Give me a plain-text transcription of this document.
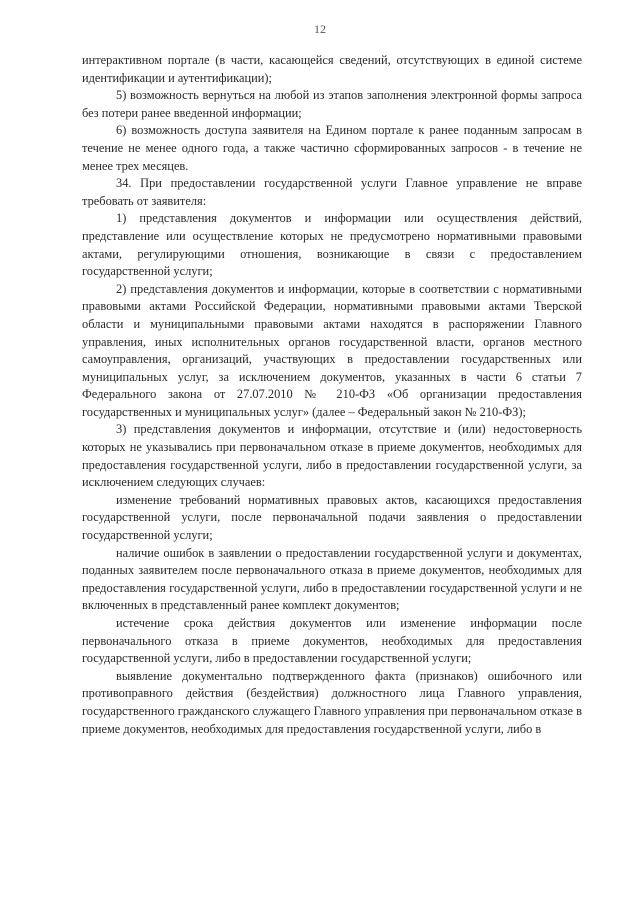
12

интерактивном портале (в части, касающейся сведений, отсутствующих в единой системе идентификации и аутентификации);

5) возможность вернуться на любой из этапов заполнения электронной формы запроса без потери ранее введенной информации;

6) возможность доступа заявителя на Едином портале к ранее поданным запросам в течение не менее одного года, а также частично сформированных запросов - в течение не менее трех месяцев.

34. При предоставлении государственной услуги Главное управление не вправе требовать от заявителя:

1) представления документов и информации или осуществления действий, представление или осуществление которых не предусмотрено нормативными правовыми актами, регулирующими отношения, возникающие в связи с предоставлением государственной услуги;

2) представления документов и информации, которые в соответствии с нормативными правовыми актами Российской Федерации, нормативными правовыми актами Тверской области и муниципальными правовыми актами находятся в распоряжении Главного управления, иных исполнительных органов государственной власти, органов местного самоуправления, организаций, участвующих в предоставлении государственных или муниципальных услуг, за исключением документов, указанных в части 6 статьи 7 Федерального закона от 27.07.2010 № 210-ФЗ «Об организации предоставления государственных и муниципальных услуг» (далее – Федеральный закон № 210-ФЗ);

3) представления документов и информации, отсутствие и (или) недостоверность которых не указывались при первоначальном отказе в приеме документов, необходимых для предоставления государственной услуги, либо в предоставлении государственной услуги, за исключением следующих случаев:

изменение требований нормативных правовых актов, касающихся предоставления государственной услуги, после первоначальной подачи заявления о предоставлении государственной услуги;

наличие ошибок в заявлении о предоставлении государственной услуги и документах, поданных заявителем после первоначального отказа в приеме документов, необходимых для предоставления государственной услуги, либо в предоставлении государственной услуги и не включенных в представленный ранее комплект документов;

истечение срока действия документов или изменение информации после первоначального отказа в приеме документов, необходимых для предоставления государственной услуги, либо в предоставлении государственной услуги;

выявление документально подтвержденного факта (признаков) ошибочного или противоправного действия (бездействия) должностного лица Главного управления, государственного гражданского служащего Главного управления при первоначальном отказе в приеме документов, необходимых для предоставления государственной услуги, либо в
